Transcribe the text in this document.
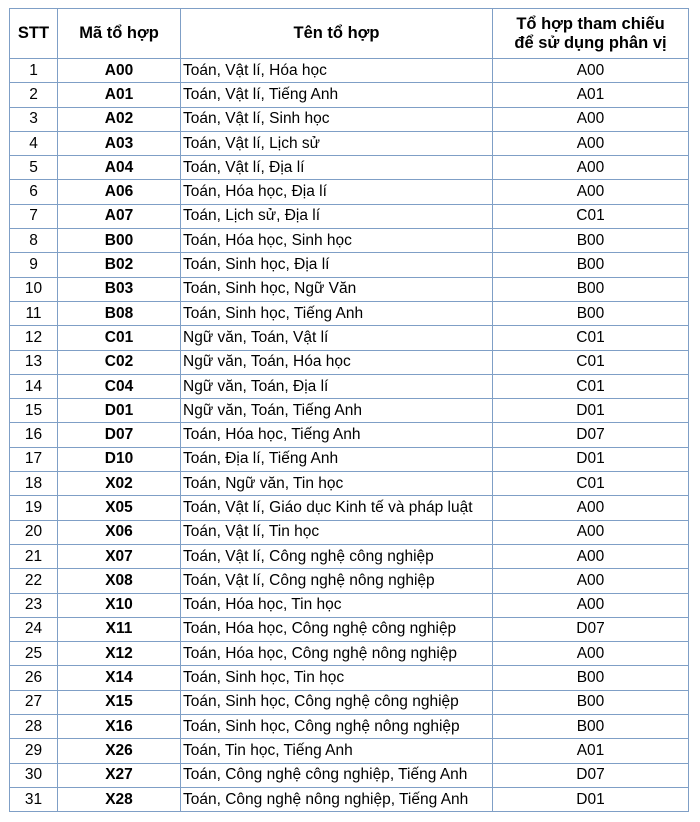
STT	Mã tổ hợp	Tên tổ hợp	Tổ hợp tham chiếu
để sử dụng phân vị
1	A00	Toán, Vật lí, Hóa học	A00
2	A01	Toán, Vật lí, Tiếng Anh	A01
3	A02	Toán, Vật lí, Sinh học	A00
4	A03	Toán, Vật lí, Lịch sử	A00
5	A04	Toán, Vật lí, Địa lí	A00
6	A06	Toán, Hóa học, Địa lí	A00
7	A07	Toán, Lịch sử, Địa lí	C01
8	B00	Toán, Hóa học, Sinh học	B00
9	B02	Toán, Sinh học, Địa lí	B00
10	B03	Toán, Sinh học, Ngữ Văn	B00
11	B08	Toán, Sinh học, Tiếng Anh	B00
12	C01	Ngữ văn, Toán, Vật lí	C01
13	C02	Ngữ văn, Toán, Hóa học	C01
14	C04	Ngữ văn, Toán, Địa lí	C01
15	D01	Ngữ văn, Toán, Tiếng Anh	D01
16	D07	Toán, Hóa học, Tiếng Anh	D07
17	D10	Toán, Địa lí, Tiếng Anh	D01
18	X02	Toán, Ngữ văn, Tin học	C01
19	X05	Toán, Vật lí, Giáo dục Kinh tế và pháp luật	A00
20	X06	Toán, Vật lí, Tin học	A00
21	X07	Toán, Vật lí, Công nghệ công nghiệp	A00
22	X08	Toán, Vật lí, Công nghệ nông nghiệp	A00
23	X10	Toán, Hóa học, Tin học	A00
24	X11	Toán, Hóa học, Công nghệ công nghiệp	D07
25	X12	Toán, Hóa học, Công nghệ nông nghiệp	A00
26	X14	Toán, Sinh học, Tin học	B00
27	X15	Toán, Sinh học, Công nghệ công nghiệp	B00
28	X16	Toán, Sinh học, Công nghệ nông nghiệp	B00
29	X26	Toán, Tin học, Tiếng Anh	A01
30	X27	Toán, Công nghệ công nghiệp, Tiếng Anh	D07
31	X28	Toán, Công nghệ nông nghiệp, Tiếng Anh	D01
